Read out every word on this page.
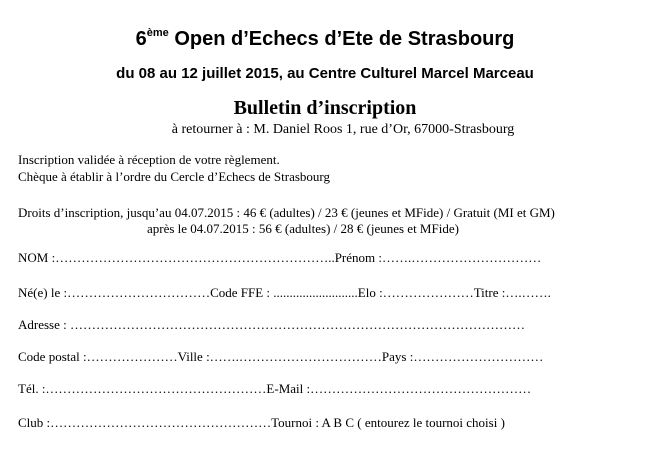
6ème Open d’Echecs d’Ete de Strasbourg
du 08 au 12 juillet 2015, au Centre Culturel Marcel Marceau
Bulletin d’inscription
à retourner à : M. Daniel Roos 1, rue d’Or, 67000-Strasbourg
Inscription validée à réception de votre règlement.
Chèque à établir à l’ordre du Cercle d’Echecs de Strasbourg
Droits d’inscription, jusqu’au 04.07.2015 : 46 € (adultes) / 23 € (jeunes et MFide) / Gratuit (MI et GM)
après le 04.07.2015 : 56 € (adultes) / 28 € (jeunes et MFide)
NOM :………………………………………………………..Prénom :…….…………………………
Né(e) le :……………………………Code FFE : ..........................Elo :…………………Titre :….…….
Adresse : ……………………………………………………………………………………………
Code postal :…………………Ville :…….……………………………Pays :…………………………
Tél. :……………………………………………E-Mail :……………………………………………
Club :……………………………………………Tournoi : A B C ( entourez le tournoi choisi )
